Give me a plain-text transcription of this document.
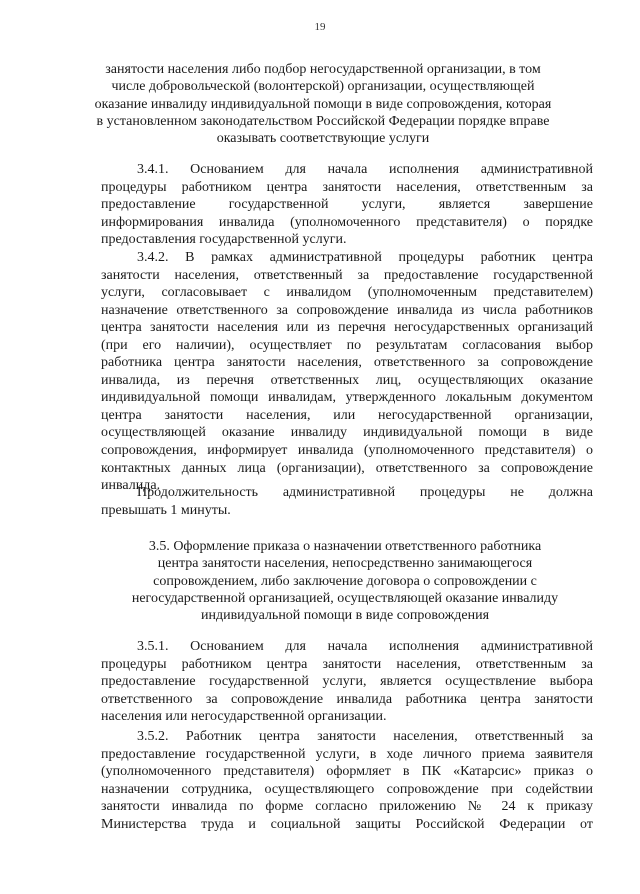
19
занятости населения либо подбор негосударственной организации, в том
числе добровольческой (волонтерской) организации, осуществляющей
оказание инвалиду индивидуальной помощи в виде сопровождения, которая
в установленном законодательством Российской Федерации порядке вправе
оказывать соответствующие услуги
3.4.1. Основанием для начала исполнения административной
процедуры работником центра занятости населения, ответственным за
предоставление государственной услуги, является завершение
информирования инвалида (уполномоченного представителя) о порядке
предоставления государственной услуги.
3.4.2. В рамках административной процедуры работник центра
занятости населения, ответственный за предоставление государственной
услуги, согласовывает с инвалидом (уполномоченным представителем)
назначение ответственного за сопровождение инвалида из числа работников
центра занятости населения или из перечня негосударственных организаций
(при его наличии), осуществляет по результатам согласования выбор
работника центра занятости населения, ответственного за сопровождение
инвалида, из перечня ответственных лиц, осуществляющих оказание
индивидуальной помощи инвалидам, утвержденного локальным документом
центра занятости населения, или негосударственной организации,
осуществляющей оказание инвалиду индивидуальной помощи в виде
сопровождения, информирует инвалида (уполномоченного представителя) о
контактных данных лица (организации), ответственного за сопровождение
инвалида.
Продолжительность административной процедуры не должна
превышать 1 минуты.
3.5. Оформление приказа о назначении ответственного работника
центра занятости населения, непосредственно занимающегося
сопровождением, либо заключение договора о сопровождении с
негосударственной организацией, осуществляющей оказание инвалиду
индивидуальной помощи в виде сопровождения
3.5.1. Основанием для начала исполнения административной
процедуры работником центра занятости населения, ответственным за
предоставление государственной услуги, является осуществление выбора
ответственного за сопровождение инвалида работника центра занятости
населения или негосударственной организации.
3.5.2. Работник центра занятости населения, ответственный за
предоставление государственной услуги, в ходе личного приема заявителя
(уполномоченного представителя) оформляет в ПК «Катарсис» приказ о
назначении сотрудника, осуществляющего сопровождение при содействии
занятости инвалида по форме согласно приложению № 24 к приказу
Министерства труда и социальной защиты Российской Федерации от
